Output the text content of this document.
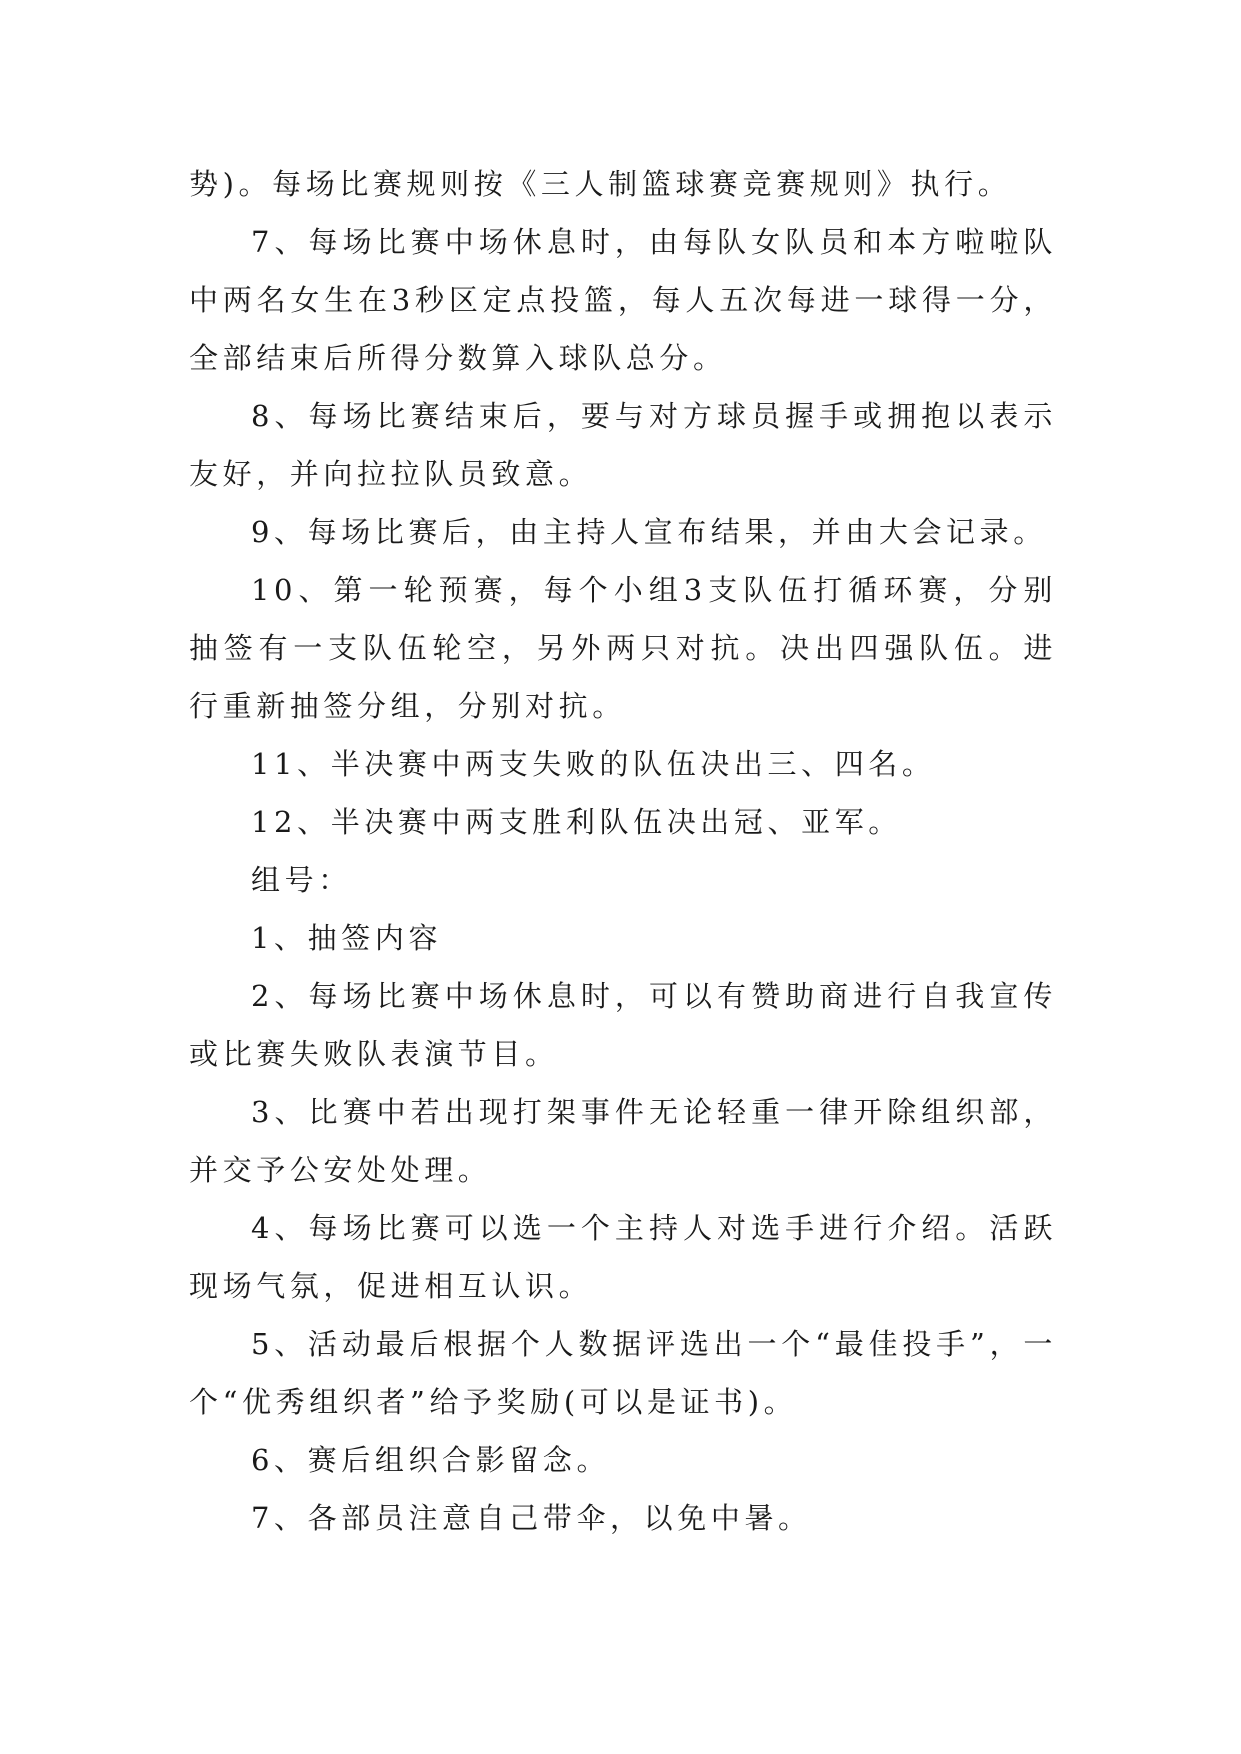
势)。每场比赛规则按《三人制篮球赛竞赛规则》执行。

7、每场比赛中场休息时，由每队女队员和本方啦啦队中两名女生在3秒区定点投篮，每人五次每进一球得一分，全部结束后所得分数算入球队总分。

8、每场比赛结束后，要与对方球员握手或拥抱以表示友好，并向拉拉队员致意。

9、每场比赛后，由主持人宣布结果，并由大会记录。

10、第一轮预赛，每个小组3支队伍打循环赛，分别抽签有一支队伍轮空，另外两只对抗。决出四强队伍。进行重新抽签分组，分别对抗。

11、半决赛中两支失败的队伍决出三、四名。

12、半决赛中两支胜利队伍决出冠、亚军。

组号：

1、抽签内容

2、每场比赛中场休息时，可以有赞助商进行自我宣传或比赛失败队表演节目。

3、比赛中若出现打架事件无论轻重一律开除组织部，并交予公安处处理。

4、每场比赛可以选一个主持人对选手进行介绍。活跃现场气氛，促进相互认识。

5、活动最后根据个人数据评选出一个“最佳投手”，一个“优秀组织者”给予奖励(可以是证书)。

6、赛后组织合影留念。

7、各部员注意自己带伞，以免中暑。
